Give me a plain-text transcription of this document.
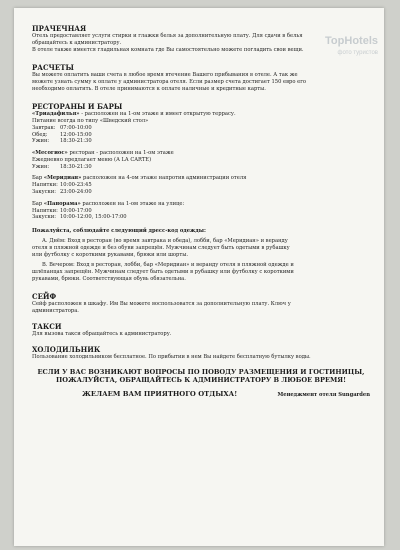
TopHotels
фото туристов
ПРАЧЕЧНАЯ
Отель предоставляет услуги стирки и глажки белья за дополнительную плату. Для сдачи в белья
обращайтесь к администратору.
В отеле также имеется гладильная комната где Вы самостоятельно можете погладить свои вещи.
РАСЧЕТЫ
Вы можете оплатить ваши счета в любое время втечение Вашего прибывания в отеле. А так же
можете узнать сумму к оплате у администратора отеля. Если размер счета достигает 150 евро его
необходимо оплатить. В отеле принимаются к оплате наличные и кредитные карты.
РЕСТОРАНЫ И БАРЫ
«Триадафилья» - расположен на 1-ом этаже и имеет открытую террасу.
Питание всегда по типу «Шведский стол»
Завтрак: 07:00-10:00
Обед:	12:00-15:00
Ужин:	18:30-21:30
«Месогиос» ресторан - расположен на 1-ом этаже
Ежедневно предлагает меню (A LA CARTE)
Ужин:	18:30-21:30
Бар «Меридиан» расположен на 4-ом этаже напротив администрации отеля
Напитки: 10:00-23:45
Закуски: 23:00-24:00
Бар «Панорама» расположен на 1-ом этаже на улице:
Напитки: 10:00-17:00
Закуски: 10:00-12:00, 15:00-17:00
Пожалуйста, соблюдайте следующий дресс-код одежды:
А. Днём: Вход в ресторан (во время завтрака и обеда), лобби, бар «Меридиан» и веранду
отеля в пляжной одежде и без обуви запрещён. Мужчинам следует быть одетыми в рубашку
или футболку с короткими рукавами, брюки или шорты.
В. Вечером: Вход в ресторан, лобби, бар «Меридиан» и веранду отеля в пляжной одежде и
шлёпанцах запрещён. Мужчинам следует быть одетыми в рубашку или футболку с короткими
рукавами, брюки. Соответствующая обувь обязательна.
СЕЙФ
Сейф расположен в шкафу. Им Вы можете воспользоватся за дополнительную плату. Ключ у
администратора.
ТАКСИ
Для вызова такси обращайтесь к администратору.
ХОЛОДИЛЬНИК
Пользование холодильником бесплатное. По прибытии в нем Вы найдете бесплатную бутылку воды.
ЕСЛИ У ВАС ВОЗНИКАЮТ ВОПРОСЫ ПО ПОВОДУ РАЗМЕЩЕНИЯ И ГОСТИНИЦЫ,
ПОЖАЛУЙСТА, ОБРАЩАЙТЕСЬ К АДМИНИСТРАТОРУ В ЛЮБОЕ ВРЕМЯ!
ЖЕЛАЕМ ВАМ ПРИЯТНОГО ОТДЫХА!	Менеджмент отеля Sungarden
